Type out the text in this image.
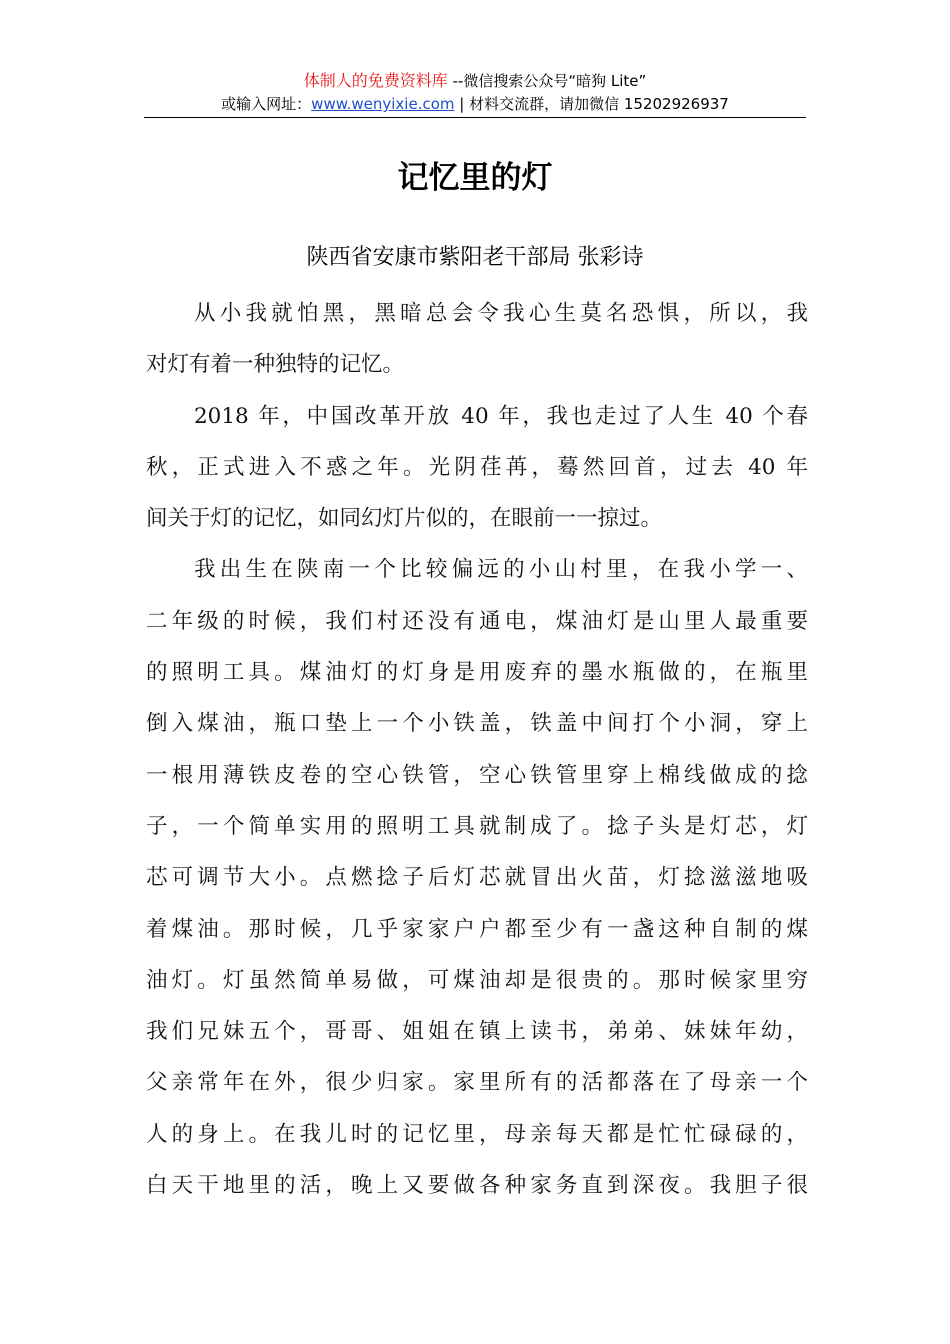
体制人的免费资料库 --微信搜索公众号“暗狗 Lite”
或输入网址：www.wenyixie.com | 材料交流群，请加微信 15202926937
记忆里的灯
陕西省安康市紫阳老干部局 张彩诗

从小我就怕黑，黑暗总会令我心生莫名恐惧，所以，我
对灯有着一种独特的记忆。

2018 年，中国改革开放 40 年，我也走过了人生 40 个春
秋，正式进入不惑之年。光阴荏苒，蓦然回首，过去 40 年
间关于灯的记忆，如同幻灯片似的，在眼前一一掠过。

我出生在陕南一个比较偏远的小山村里，在我小学一、
二年级的时候，我们村还没有通电，煤油灯是山里人最重要
的照明工具。煤油灯的灯身是用废弃的墨水瓶做的，在瓶里
倒入煤油，瓶口垫上一个小铁盖，铁盖中间打个小洞，穿上
一根用薄铁皮卷的空心铁管，空心铁管里穿上棉线做成的捻
子，一个简单实用的照明工具就制成了。捻子头是灯芯，灯
芯可调节大小。点燃捻子后灯芯就冒出火苗，灯捻滋滋地吸
着煤油。那时候，几乎家家户户都至少有一盏这种自制的煤
油灯。灯虽然简单易做，可煤油却是很贵的。那时候家里穷
我们兄妹五个，哥哥、姐姐在镇上读书，弟弟、妹妹年幼，
父亲常年在外，很少归家。家里所有的活都落在了母亲一个
人的身上。在我儿时的记忆里，母亲每天都是忙忙碌碌的，
白天干地里的活，晚上又要做各种家务直到深夜。我胆子很
